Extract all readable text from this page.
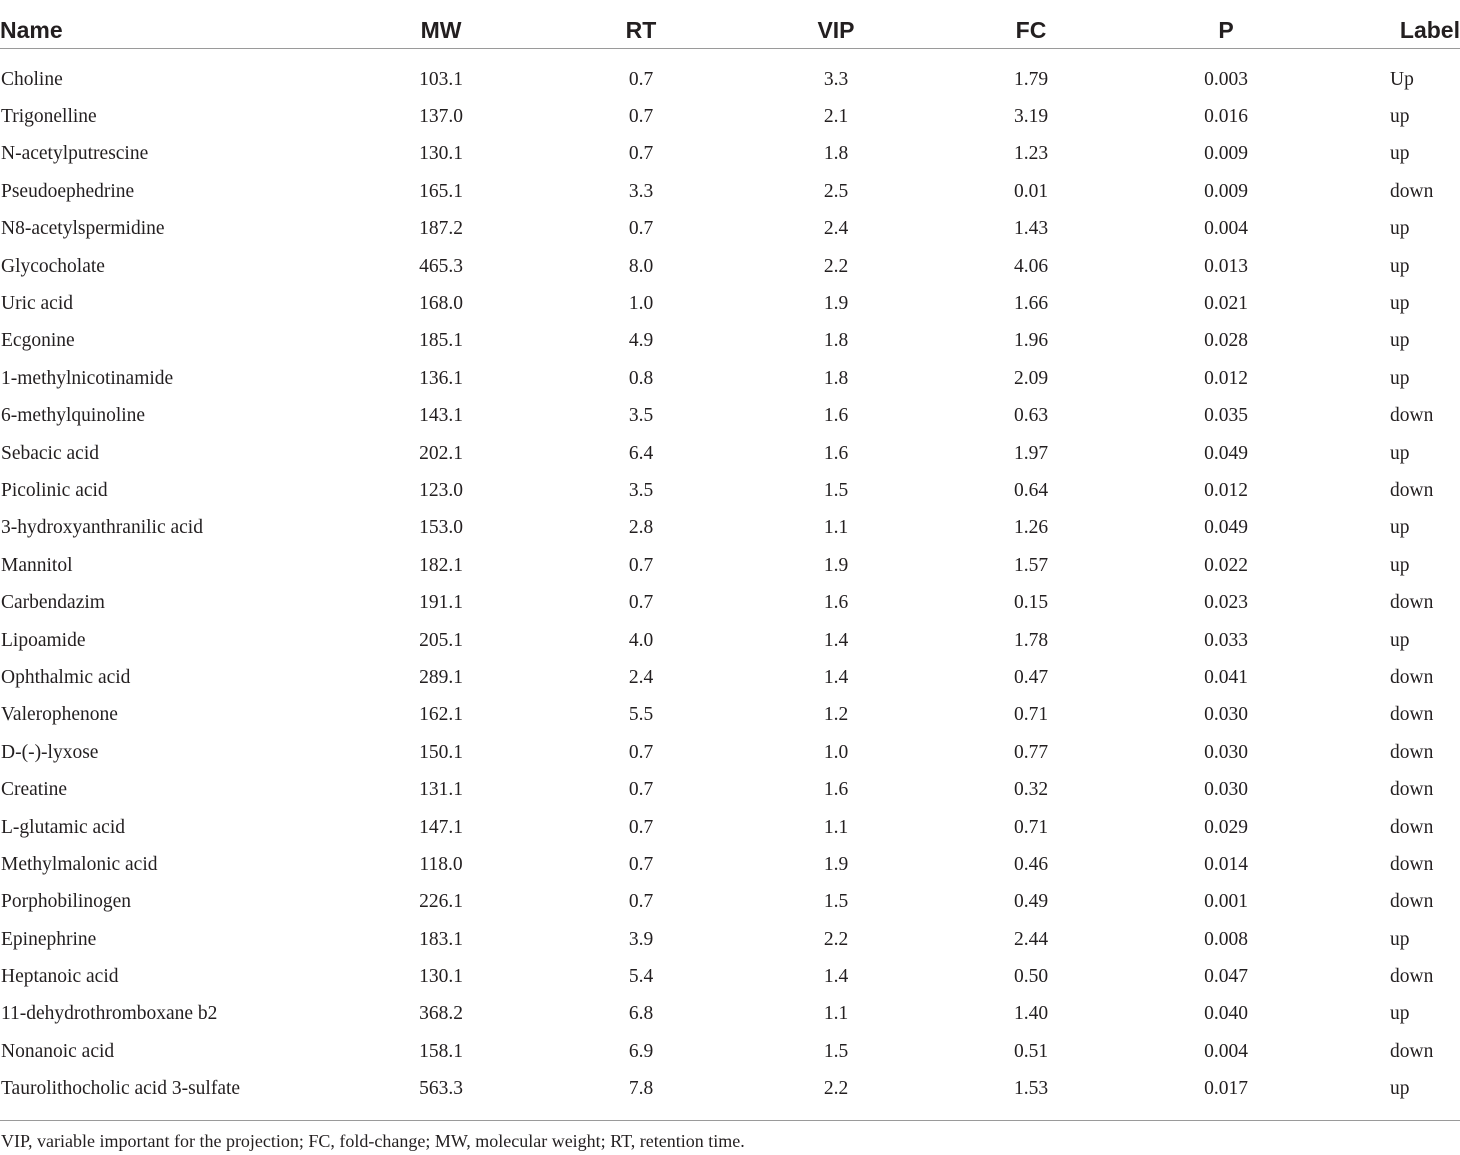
Name	MW	RT	VIP	FC	P	Label
Choline	103.1	0.7	3.3	1.79	0.003	Up
Trigonelline	137.0	0.7	2.1	3.19	0.016	up
N-acetylputrescine	130.1	0.7	1.8	1.23	0.009	up
Pseudoephedrine	165.1	3.3	2.5	0.01	0.009	down
N8-acetylspermidine	187.2	0.7	2.4	1.43	0.004	up
Glycocholate	465.3	8.0	2.2	4.06	0.013	up
Uric acid	168.0	1.0	1.9	1.66	0.021	up
Ecgonine	185.1	4.9	1.8	1.96	0.028	up
1-methylnicotinamide	136.1	0.8	1.8	2.09	0.012	up
6-methylquinoline	143.1	3.5	1.6	0.63	0.035	down
Sebacic acid	202.1	6.4	1.6	1.97	0.049	up
Picolinic acid	123.0	3.5	1.5	0.64	0.012	down
3-hydroxyanthranilic acid	153.0	2.8	1.1	1.26	0.049	up
Mannitol	182.1	0.7	1.9	1.57	0.022	up
Carbendazim	191.1	0.7	1.6	0.15	0.023	down
Lipoamide	205.1	4.0	1.4	1.78	0.033	up
Ophthalmic acid	289.1	2.4	1.4	0.47	0.041	down
Valerophenone	162.1	5.5	1.2	0.71	0.030	down
D-(-)-lyxose	150.1	0.7	1.0	0.77	0.030	down
Creatine	131.1	0.7	1.6	0.32	0.030	down
L-glutamic acid	147.1	0.7	1.1	0.71	0.029	down
Methylmalonic acid	118.0	0.7	1.9	0.46	0.014	down
Porphobilinogen	226.1	0.7	1.5	0.49	0.001	down
Epinephrine	183.1	3.9	2.2	2.44	0.008	up
Heptanoic acid	130.1	5.4	1.4	0.50	0.047	down
11-dehydrothromboxane b2	368.2	6.8	1.1	1.40	0.040	up
Nonanoic acid	158.1	6.9	1.5	0.51	0.004	down
Taurolithocholic acid 3-sulfate	563.3	7.8	2.2	1.53	0.017	up
VIP, variable important for the projection; FC, fold-change; MW, molecular weight; RT, retention time.
